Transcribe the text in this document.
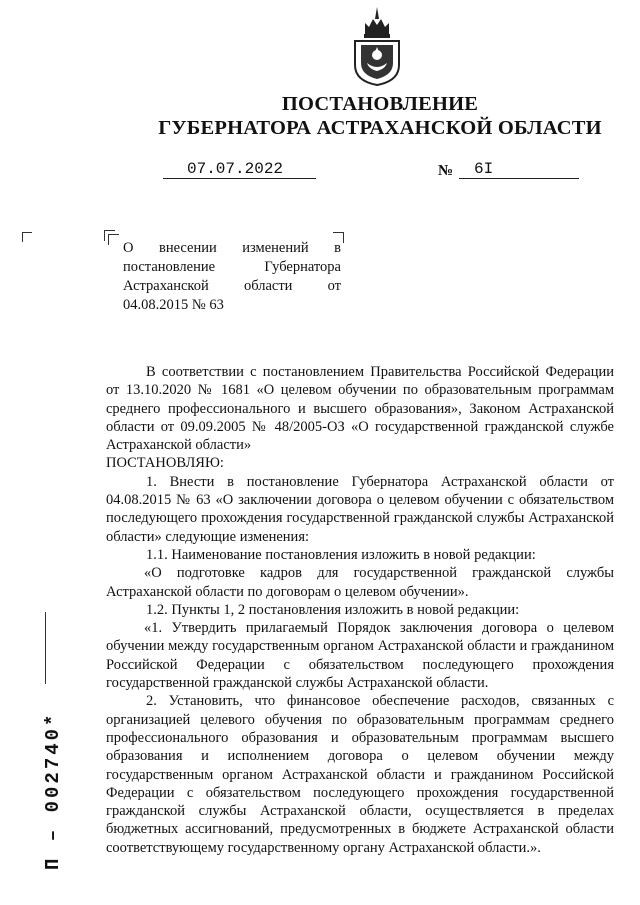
ПОСТАНОВЛЕНИЕ
ГУБЕРНАТОРА АСТРАХАНСКОЙ ОБЛАСТИ
07.07.2022	№ 6I
О внесении изменений в постановление Губернатора Астраханской области от 04.08.2015 № 63

В соответствии с постановлением Правительства Российской Федерации от 13.10.2020 № 1681 «О целевом обучении по образовательным программам среднего профессионального и высшего образования», Законом Астраханской области от 09.09.2005 № 48/2005-ОЗ «О государственной гражданской службе Астраханской области»

ПОСТАНОВЛЯЮ:

1. Внести в постановление Губернатора Астраханской области от 04.08.2015 № 63 «О заключении договора о целевом обучении с обязательством последующего прохождения государственной гражданской службы Астраханской области» следующие изменения:

1.1. Наименование постановления изложить в новой редакции:

«О подготовке кадров для государственной гражданской службы Астраханской области по договорам о целевом обучении».

1.2. Пункты 1, 2 постановления изложить в новой редакции:

«1. Утвердить прилагаемый Порядок заключения договора о целевом обучении между государственным органом Астраханской области и гражданином Российской Федерации с обязательством последующего прохождения государственной гражданской службы Астраханской области.

2. Установить, что финансовое обеспечение расходов, связанных с организацией целевого обучения по образовательным программам среднего профессионального образования и образовательным программам высшего образования и исполнением договора о целевом обучении между государственным органом Астраханской области и гражданином Российской Федерации с обязательством последующего прохождения государственной гражданской службы Астраханской области, осуществляется в пределах бюджетных ассигнований, предусмотренных в бюджете Астраханской области соответствующему государственному органу Астраханской области.».

П – 002740*
